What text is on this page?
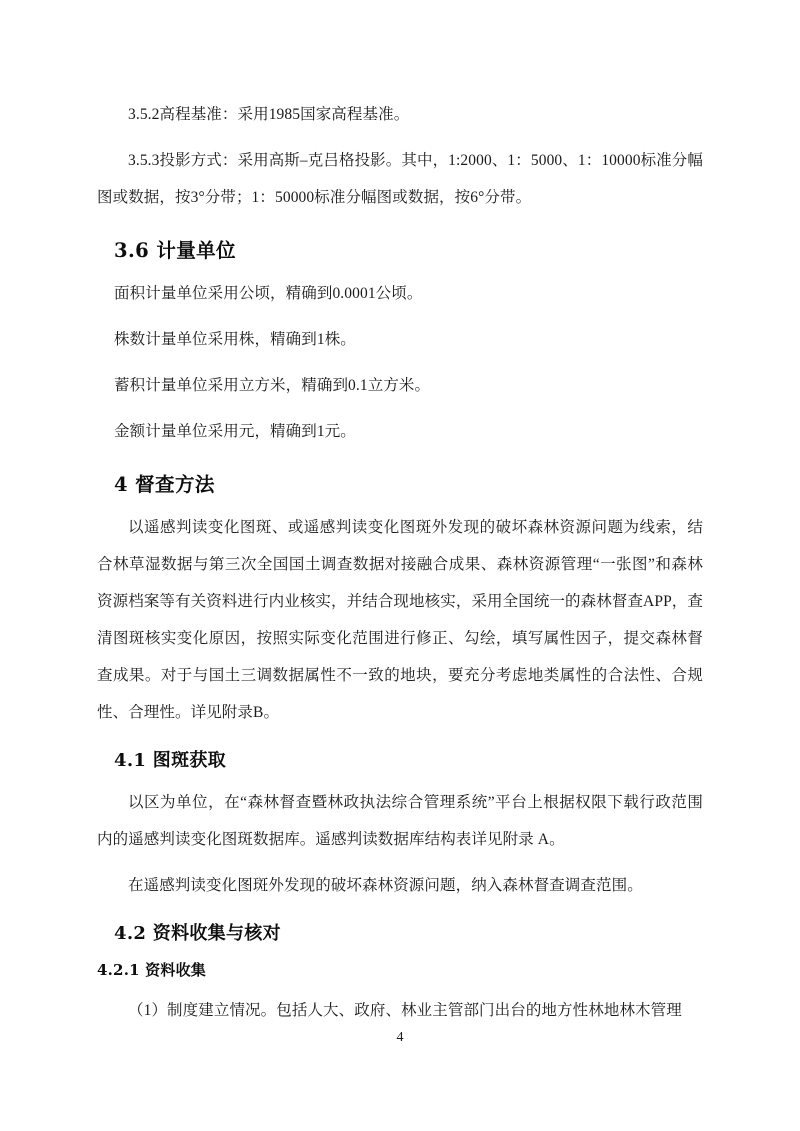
3.5.2高程基准：采用1985国家高程基准。

3.5.3投影方式：采用高斯–克吕格投影。其中，1:2000、1：5000、1：10000标准分幅图或数据，按3°分带；1：50000标准分幅图或数据，按6°分带。

3.6 计量单位

面积计量单位采用公顷，精确到0.0001公顷。

株数计量单位采用株，精确到1株。

蓄积计量单位采用立方米，精确到0.1立方米。

金额计量单位采用元，精确到1元。

4 督查方法

以遥感判读变化图斑、或遥感判读变化图斑外发现的破坏森林资源问题为线索，结合林草湿数据与第三次全国国土调查数据对接融合成果、森林资源管理“一张图”和森林资源档案等有关资料进行内业核实，并结合现地核实，采用全国统一的森林督查APP，查清图斑核实变化原因，按照实际变化范围进行修正、勾绘，填写属性因子，提交森林督查成果。对于与国土三调数据属性不一致的地块，要充分考虑地类属性的合法性、合规性、合理性。详见附录B。

4.1 图斑获取

以区为单位，在“森林督查暨林政执法综合管理系统”平台上根据权限下载行政范围内的遥感判读变化图斑数据库。遥感判读数据库结构表详见附录 A。

在遥感判读变化图斑外发现的破坏森林资源问题，纳入森林督查调查范围。

4.2 资料收集与核对
4.2.1 资料收集

（1）制度建立情况。包括人大、政府、林业主管部门出台的地方性林地林木管理

4
